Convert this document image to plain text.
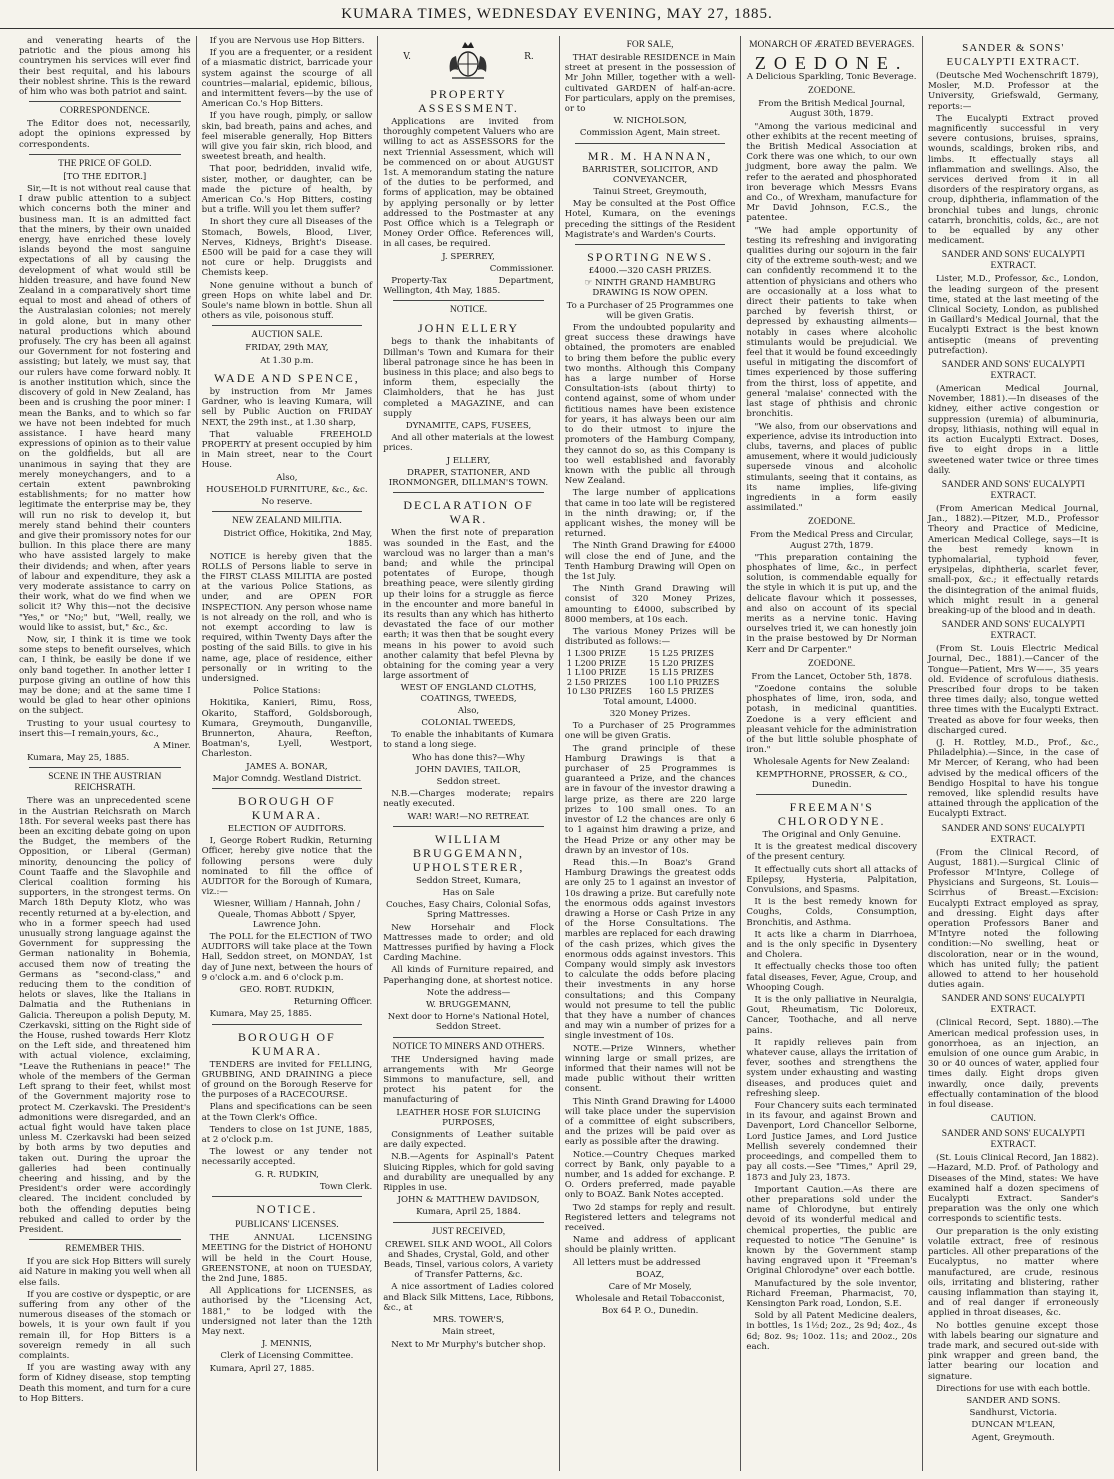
KUMARA TIMES, WEDNESDAY EVENING, MAY 27, 1885.

and venerating hearts of the patriotic and the pious among his countrymen his services will ever find their best requital, and his labours their noblest shrine. This is the reward of him who was both patriot and saint.

CORRESPONDENCE.

The Editor does not, necessarily, adopt the opinions expressed by correspondents.

THE PRICE OF GOLD.

[TO THE EDITOR.]

Sir,—It is not without real cause that I draw public attention to a subject which concerns both the miner and business man. It is an admitted fact that the miners, by their own unaided energy, have enriched these lovely islands beyond the most sanguine expectations of all by causing the development of what would still be hidden treasure, and have found New Zealand in a comparatively short time equal to most and ahead of others of the Australasian colonies; not merely in gold alone, but in many other natural productions which abound profusely. The cry has been all against our Government for not fostering and assisting; but lately, we must say, that our rulers have come forward nobly. It is another institution which, since the discovery of gold in New Zealand, has been and is crushing the poor miner: I mean the Banks, and to which so far we have not been indebted for much assistance. I have heard many expressions of opinion as to their value on the goldfields, but all are unanimous in saying that they are merely moneychangers, and to a certain extent pawnbroking establishments; for no matter how legitimate the enterprise may be, they will run no risk to develop it, but merely stand behind their counters and give their promissory notes for our bullion. In this place there are many who have assisted largely to make their dividends; and when, after years of labour and expenditure, they ask a very moderate assistance to carry on their work, what do we find when we solicit it? Why this—not the decisive "Yes," or "No;" but, "Well, really, we would like to assist, but," &c., &c.

Now, sir, I think it is time we took some steps to benefit ourselves, which can, I think, be easily be done if we only band together. In another letter I purpose giving an outline of how this may be done; and at the same time I would be glad to hear other opinions on the subject.

Trusting to your usual courtesy to insert this—I remain,yours, &c.,

A Miner.

Kumara, May 25, 1885.

SCENE IN THE AUSTRIAN REICHSRATH.

There was an unprecedented scene in the Austrian Reichsrath on March 18th. For several weeks past there has been an exciting debate going on upon the Budget, the members of the Opposition, or Liberal (German) minority, denouncing the policy of Count Taaffe and the Slavophile and Clerical coalition forming his supporters, in the strongest terms. On March 18th Deputy Klotz, who was recently returned at a by-election, and who in a former speech had used unusually strong language against the Government for suppressing the German nationality in Bohemia, accused them now of treating the Germans as "second-class," and reducing them to the condition of helots or slaves, like the Italians in Dalmatia and the Ruthenians in Galicia. Thereupon a polish Deputy, M. Czerkavski, sitting on the Right side of the House, rushed towards Herr Klotz on the Left side, and threatened him with actual violence, exclaiming, "Leave the Ruthenians in peace!" The whole of the members of the German Left sprang to their feet, whilst most of the Government majority rose to protect M. Czerkavski. The President's admonitions were disregarded, and an actual fight would have taken place unless M. Czerkavski had been seized by both arms by two deputies and taken out. During the uproar the galleries had been continually cheering and hissing, and by the President's order were accordingly cleared. The incident concluded by both the offending deputies being rebuked and called to order by the President.

REMEMBER THIS.

If you are sick Hop Bitters will surely aid Nature in making you well when all else fails.

If you are costive or dyspeptic, or are suffering from any other of the numerous diseases of the stomach or bowels, it is your own fault if you remain ill, for Hop Bitters is a sovereign remedy in all such complaints.

If you are wasting away with any form of Kidney disease, stop tempting Death this moment, and turn for a cure to Hop Bitters.

If you are Nervous use Hop Bitters.

If you are a frequenter, or a resident of a miasmatic district, barricade your system against the scourge of all countries—malarial, epidemic, bilious, and intermittent fevers—by the use of American Co.'s Hop Bitters.

If you have rough, pimply, or sallow skin, bad breath, pains and aches, and feel miserable generally, Hop Bitters will give you fair skin, rich blood, and sweetest breath, and health.

That poor, bedridden, invalid wife, sister, mother, or daughter, can be made the picture of health, by American Co.'s Hop Bitters, costing but a trifle. Will you let them suffer?

In short they cure all Diseases of the Stomach, Bowels, Blood, Liver, Nerves, Kidneys, Bright's Disease. £500 will be paid for a case they will not cure or help. Druggists and Chemists keep.

None genuine without a bunch of green Hops on white label and Dr. Soule's name blown in bottle. Shun all others as vile, poisonous stuff.

AUCTION SALE.

FRIDAY, 29th MAY,

At 1.30 p.m.

WADE AND SPENCE,

by instruction from Mr James Gardner, who is leaving Kumara, will sell by Public Auction on FRIDAY NEXT, the 29th inst., at 1.30 sharp,

That valuable FREEHOLD PROPERTY at present occupied by him in Main street, near to the Court House.

Also,

HOUSEHOLD FURNITURE, &c., &c.

No reserve.

NEW ZEALAND MILITIA.

District Office, Hokitika, 2nd May, 1885.

NOTICE is hereby given that the ROLLS of Persons liable to serve in the FIRST CLASS MILITIA are posted at the various Police Stations, as under, and are OPEN FOR INSPECTION. Any person whose name is not already on the roll, and who is not exempt according to law is required, within Twenty Days after the posting of the said Bills. to give in his name, age, place of residence, either personally or in writing to the undersigned.

Police Stations:

Hokitika, Kanieri, Rimu, Ross, Okarito, Stafford, Goldsborough, Kumara, Greymouth, Dunganville, Brunnerton, Ahaura, Reefton, Boatman's, Lyell, Westport, Charleston.

JAMES A. BONAR,

Major Comndg. Westland District.

BOROUGH OF KUMARA.

ELECTION OF AUDITORS.

I, George Robert Rudkin, Returning Officer, hereby give notice that the following persons were duly nominated to fill the office of AUDITOR for the Borough of Kumara, viz.:—

Wiesner, William / Hannah, John / Queale, Thomas Abbott / Spyer, Lawrence John.

The POLL for the ELECTION of TWO AUDITORS will take place at the Town Hall, Seddon street, on MONDAY, 1st day of June next, between the hours of 9 o'clock a.m. and 6 o'clock p.m.

GEO. ROBT. RUDKIN,

Returning Officer.

Kumara, May 25, 1885.

BOROUGH OF KUMARA.

TENDERS are invited for FELLING, GRUBBING, AND DRAINING a piece of ground on the Borough Reserve for the purposes of a RACECOURSE.

Plans and specifications can be seen at the Town Clerk's Office.

Tenders to close on 1st JUNE, 1885, at 2 o'clock p.m.

The lowest or any tender not necessarily accepted.

G. R. RUDKIN,

Town Clerk.

NOTICE.
PUBLICANS' LICENSES.

THE ANNUAL LICENSING MEETING for the District of HOHONU will be held in the Court House, GREENSTONE, at noon on TUESDAY, the 2nd June, 1885.

All Applications for LICENSES, as authorised by the "Licensing Act, 1881," to be lodged with the undersigned not later than the 12th May next.

J. MENNIS,

Clerk of Licensing Committee.

Kumara, April 27, 1885.

V.	R.
PROPERTY ASSESSMENT.

Applications are invited from thoroughly competent Valuers who are willing to act as ASSESSORS for the next Triennial Assessment, which will be commenced on or about AUGUST 1st. A memorandum stating the nature of the duties to be performed, and forms of application, may be obtained by applying personally or by letter addressed to the Postmaster at any Post Office which is a Telegraph or Money Order Office. References will, in all cases, be required.

J. SPERREY,

Commissioner.

Property-Tax Department, Wellington, 4th May, 1885.

NOTICE.
JOHN ELLERY

begs to thank the inhabitants of Dillman's Town and Kumara for their liberal patronage since he has been in business in this place; and also begs to inform them, especially the Claimholders, that he has just completed a MAGAZINE, and can supply

DYNAMITE, CAPS, FUSEES,

And all other materials at the lowest prices.

J ELLERY,

DRAPER, STATIONER, AND IRONMONGER, DILLMAN'S TOWN.

DECLARATION OF WAR.

When the first note of preparation was sounded in the East, and the warcloud was no larger than a man's band; and while the principal potentates of Europe, though breathing peace, were silently girding up their loins for a struggle as fierce in the encounter and more baneful in its results than any which has hitherto devastated the face of our mother earth; it was then that be sought every means in his power to avoid such another calamity that befel Plevna by obtaining for the coming year a very large assortment of

WEST OF ENGLAND CLOTHS, COATINGS, TWEEDS,

Also,

COLONIAL TWEEDS,

To enable the inhabitants of Kumara to stand a long siege.

Who has done this?—Why

JOHN DAVIES, TAILOR,

Seddon street.

N.B.—Charges moderate; repairs neatly executed.

WAR! WAR!—NO RETREAT.

WILLIAM BRUGGEMANN, UPHOLSTERER,

Seddon Street, Kumara,

Has on Sale

Couches, Easy Chairs, Colonial Sofas, Spring Mattresses.

New Horsehair and Flock Mattresses made to order; and old Mattresses purified by having a Flock Carding Machine.

All kinds of Furniture repaired, and Paperhanging done, at shortest notice.

Note the address—

W. BRUGGEMANN,

Next door to Horne's National Hotel, Seddon Street.

NOTICE TO MINERS AND OTHERS.

THE Undersigned having made arrangements with Mr George Simmons to manufacture, sell, and protect his patent for the manufacturing of

LEATHER HOSE FOR SLUICING PURPOSES,

Consignments of Leather suitable are daily expected.

N.B.—Agents for Aspinall's Patent Sluicing Ripples, which for gold saving and durability are unequalled by any Ripples in use.

JOHN & MATTHEW DAVIDSON,

Kumara, April 25, 1884.

JUST RECEIVED,

CREWEL SILK AND WOOL, All Colors and Shades, Crystal, Gold, and other Beads, Tinsel, various colors, A variety of Transfer Patterns, &c.

A nice assortment of Ladies colored and Black Silk Mittens, Lace, Ribbons, &c., at

MRS. TOWER'S,

Main street,

Next to Mr Murphy's butcher shop.

FOR SALE,

THAT desirable RESIDENCE in Main street at present in the possession of Mr John Miller, together with a well-cultivated GARDEN of half-an-acre. For particulars, apply on the premises, or to

W. NICHOLSON,

Commission Agent, Main street.

MR. M. HANNAN,

BARRISTER, SOLICITOR, AND CONVEYANCER,

Tainui Street, Greymouth,

May be consulted at the Post Office Hotel, Kumara, on the evenings preceding the sittings of the Resident Magistrate's and Warden's Courts.

SPORTING NEWS.

£4000.—320 CASH PRIZES.

☞ NINTH GRAND HAMBURG DRAWING IS NOW OPEN.

To a Purchaser of 25 Programmes one will be given Gratis.

From the undoubted popularity and great success these drawings have obtained, the promoters are enabled to bring them before the public every two months. Although this Company has a large number of Horse Consultation-ists (about thirty) to contend against, some of whom under fictitious names have been existence for years, it has always been our aim to do their utmost to injure the promoters of the Hamburg Company, they cannot do so, as this Company is too well established and favorably known with the public all through New Zealand.

The large number of applications that came in too late will be registered in the ninth drawing; or, if the applicant wishes, the money will be returned.

The Ninth Grand Drawing for £4000 will close the end of June, and the Tenth Hamburg Drawing will Open on the 1st July.

The Ninth Grand Drawing will consist of 320 Money Prizes, amounting to £4000, subscribed by 8000 members, at 10s each.

The various Money Prizes will be distributed as follows:—

1 L300 PRIZE	15 L25 PRIZES
1 L200 PRIZE	15 L20 PRIZES
1 L100 PRIZE	15 L15 PRIZES
2 L50 PRIZES	100 L10 PRIZES
10 L30 PRIZES	160 L5 PRIZES

Total amount, L4000.

320 Money Prizes.

To a Purchaser of 25 Programmes one will be given Gratis.

The grand principle of these Hamburg Drawings is that a purchaser of 25 Programmes is guaranteed a Prize, and the chances are in favour of the investor drawing a large prize, as there are 220 large prizes to 100 small ones. To an investor of L2 the chances are only 6 to 1 against him drawing a prize, and the Head Prize or any other may be drawn by an investor of 10s.

Read this.—In Boaz's Grand Hamburg Drawings the greatest odds are only 25 to 1 against an investor of 10s drawing a prize. But carefully note the enormous odds against investors drawing a Horse or Cash Prize in any of the Horse Consultations. The marbles are replaced for each drawing of the cash prizes, which gives the enormous odds against investors. This Company would simply ask investors to calculate the odds before placing their investments in any horse consultations; and this Company would not presume to tell the public that they have a number of chances and may win a number of prizes for a single investment of 10s.

NOTE.—Prize Winners, whether winning large or small prizes, are informed that their names will not be made public without their written consent.

This Ninth Grand Drawing for L4000 will take place under the supervision of a committee of eight subscribers, and the prizes will be paid over as early as possible after the drawing.

Notice.—Country Cheques marked correct by Bank, only payable to a number, and 1s added for exchange. P. O. Orders preferred, made payable only to BOAZ. Bank Notes accepted.

Two 2d stamps for reply and result. Registered letters and telegrams not received.

Name and address of applicant should be plainly written.

All letters must be addressed

BOAZ,

Care of Mr Mosely,

Wholesale and Retail Tobacconist,

Box 64 P. O., Dunedin.

MONARCH OF ÆRATED BEVERAGES.
ZOEDONE.

A Delicious Sparkling, Tonic Beverage.

ZOEDONE.

From the British Medical Journal, August 30th, 1879.

"Among the various medicinal and other exhibits at the recent meeting of the British Medical Association at Cork there was one which, to our own judgment, bore away the palm. We refer to the aerated and phosphorated iron beverage which Messrs Evans and Co., of Wrexham, manufacture for Mr David Johnson, F.C.S., the patentee.

"We had ample opportunity of testing its refreshing and invigorating qualities during our sojourn in the fair city of the extreme south-west; and we can confidently recommend it to the attention of physicians and others who are occasionally at a loss what to direct their patients to take when parched by feverish thirst, or depressed by exhausting ailments—notably in cases where alcoholic stimulants would be prejudicial. We feel that it would be found exceedingly useful in mitigating the discomfort of times experienced by those suffering from the thirst, loss of appetite, and general 'malaise' connected with the last stage of phthisis and chronic bronchitis.

"We also, from our observations and experience, advise its introduction into clubs, taverns, and places of public amusement, where it would judiciously supersede vinous and alcoholic stimulants, seeing that it contains, as its name implies, life-giving ingredients in a form easily assimilated."

ZOEDONE.

From the Medical Press and Circular, August 27th, 1879.

"This preparation containing the phosphates of lime, &c., in perfect solution, is commendable equally for the style in which it is put up, and the delicate flavour which it possesses, and also on account of its special merits as a nervine tonic. Having ourselves tried it, we can honestly join in the praise bestowed by Dr Norman Kerr and Dr Carpenter."

ZOEDONE.

From the Lancet, October 5th, 1878.

"Zoedone contains the soluble phosphates of lime, iron, soda, and potash, in medicinal quantities. Zoedone is a very efficient and pleasant vehicle for the administration of the but little soluble phosphate of iron."

Wholesale Agents for New Zealand:

KEMPTHORNE, PROSSER, & CO., Dunedin.

FREEMAN'S CHLORODYNE.

The Original and Only Genuine.

It is the greatest medical discovery of the present century.

It effectually cuts short all attacks of Epilepsy, Hysteria, Palpitation, Convulsions, and Spasms.

It is the best remedy known for Coughs, Colds, Consumption, Bronchitis, and Asthma.

It acts like a charm in Diarrhoea, and is the only specific in Dysentery and Cholera.

It effectually checks those too often fatal diseases, Fever, Ague, Croup, and Whooping Cough.

It is the only palliative in Neuralgia, Gout, Rheumatism, Tic Doloreux, Cancer, Toothache, and all nerve pains.

It rapidly relieves pain from whatever cause, allays the irritation of fever, soothes and strengthens the system under exhausting and wasting diseases, and produces quiet and refreshing sleep.

Four Chancery suits each terminated in its favour, and against Brown and Davenport, Lord Chancellor Selborne, Lord Justice James, and Lord Justice Mellish severely condemned their proceedings, and compelled them to pay all costs.—See "Times," April 29, 1873 and July 23, 1873.

Important Caution.—As there are other preparations sold under the name of Chlorodyne, but entirely devoid of its wonderful medical and chemical properties, the public are requested to notice "The Genuine" is known by the Government stamp having engraved upon it "Freeman's Original Chlorodyne" over each bottle.

Manufactured by the sole inventor, Richard Freeman, Pharmacist, 70, Kensington Park road, London, S.E.

Sold by all Patent Medicine dealers, in bottles, 1s 1½d; 2oz., 2s 9d; 4oz., 4s 6d; 8oz. 9s; 10oz. 11s; and 20oz., 20s each.

SANDER & SONS' EUCALYPTI EXTRACT.

(Deutsche Med Wochenschrift 1879), Mosler, M.D. Professor at the University, Griefswald, Germany, reports:—

The Eucalypti Extract proved magnificently successful in very severe contusions, bruises, sprains, wounds, scaldings, broken ribs, and limbs. It effectually stays all inflammation and swellings. Also, the services derived from it in all disorders of the respiratory organs, as croup, diphtheria, inflammation of the bronchial tubes and lungs, chronic catarrh, bronchitis, colds, &c., are not to be equalled by any other medicament.

SANDER AND SONS' EUCALYPTI EXTRACT.

Lister, M.D., Professor, &c., London, the leading surgeon of the present time, stated at the last meeting of the Clinical Society, London, as published in Gaillard's Medical Journal, that the Eucalypti Extract is the best known antiseptic (means of preventing putrefaction).

SANDER AND SONS' EUCALYPTI EXTRACT.

(American Medical Journal, November, 1881).—In diseases of the kidney, either active congestion or suppression (uremia) of albuminuria, dropsy, lithiasis, nothing will equal in its action Eucalypti Extract. Doses, five to eight drops in a little sweetened water twice or three times daily.

SANDER AND SONS' EUCALYPTI EXTRACT.

(From American Medical Journal, Jan., 1882).—Pitzer, M.D., Professor Theory and Practice of Medicine, American Medical College, says—It is the best remedy known in typhomalarial, typhoid fever, erysipelas, diphtheria, scarlet fever, small-pox, &c.; it effectually retards the disintegration of the animal fluids, which might result in a general breaking-up of the blood and in death.

SANDER AND SONS' EUCALYPTI EXTRACT.

(From St. Louis Electric Medical Journal, Dec., 1881).—Cancer of the Tongue—Patient, Mrs W——, 35 years old. Evidence of scrofulous diathesis. Prescribed four drops to be taken three times daily; also, tongue wetted three times with the Eucalypti Extract. Treated as above for four weeks, then discharged cured.

(J. H. Rottley, M.D., Prof., &c., Philadelphia).—Since, in the case of Mr Mercer, of Kerang, who had been advised by the medical officers of the Bendigo Hospital to have his tongue removed, like splendid results have attained through the application of the Eucalypti Extract.

SANDER AND SONS' EUCALYPTI EXTRACT.

(From the Clinical Record, of August, 1881).—Surgical Clinic of Professor M'Intyre, College of Physicians and Surgeons, St. Louis—Scirrhus of Breast.—Excision: Eucalypti Extract employed as spray, and dressing. Eight days after operation Professors Baner and M'Intyre noted the following condition:—No swelling, heat or discoloration, near or in the wound, which has united fully; the patient allowed to attend to her household duties again.

SANDER AND SONS' EUCALYPTI EXTRACT.

(Clinical Record, Sept. 1880).—The American medical profession uses, in gonorrhoea, as an injection, an emulsion of one ounce gum Arabic, in 30 or 40 ounces of water, applied four times daily. Eight drops given inwardly, once daily, prevents effectually contamination of the blood in foul disease.

CAUTION.
SANDER AND SONS' EUCALYPTI EXTRACT.

(St. Louis Clinical Record, Jan 1882).—Hazard, M.D. Prof. of Pathology and Diseases of the Mind, states: We have examined half a dozen specimens of Eucalypti Extract. Sander's preparation was the only one which corresponds to scientific tests.

Our preparation is the only existing volatile extract, free of resinous particles. All other preparations of the Eucalyptus, no matter where manufactured, are crude, resinous oils, irritating and blistering, rather causing inflammation than staying it, and of real danger if erroneously applied in throat diseases, &c.

No bottles genuine except those with labels bearing our signature and trade mark, and secured out-side with pink wrapper and green band, the latter bearing our location and signature.

Directions for use with each bottle.

SANDER AND SONS.

Sandhurst, Victoria.

DUNCAN M'LEAN,

Agent, Greymouth.
